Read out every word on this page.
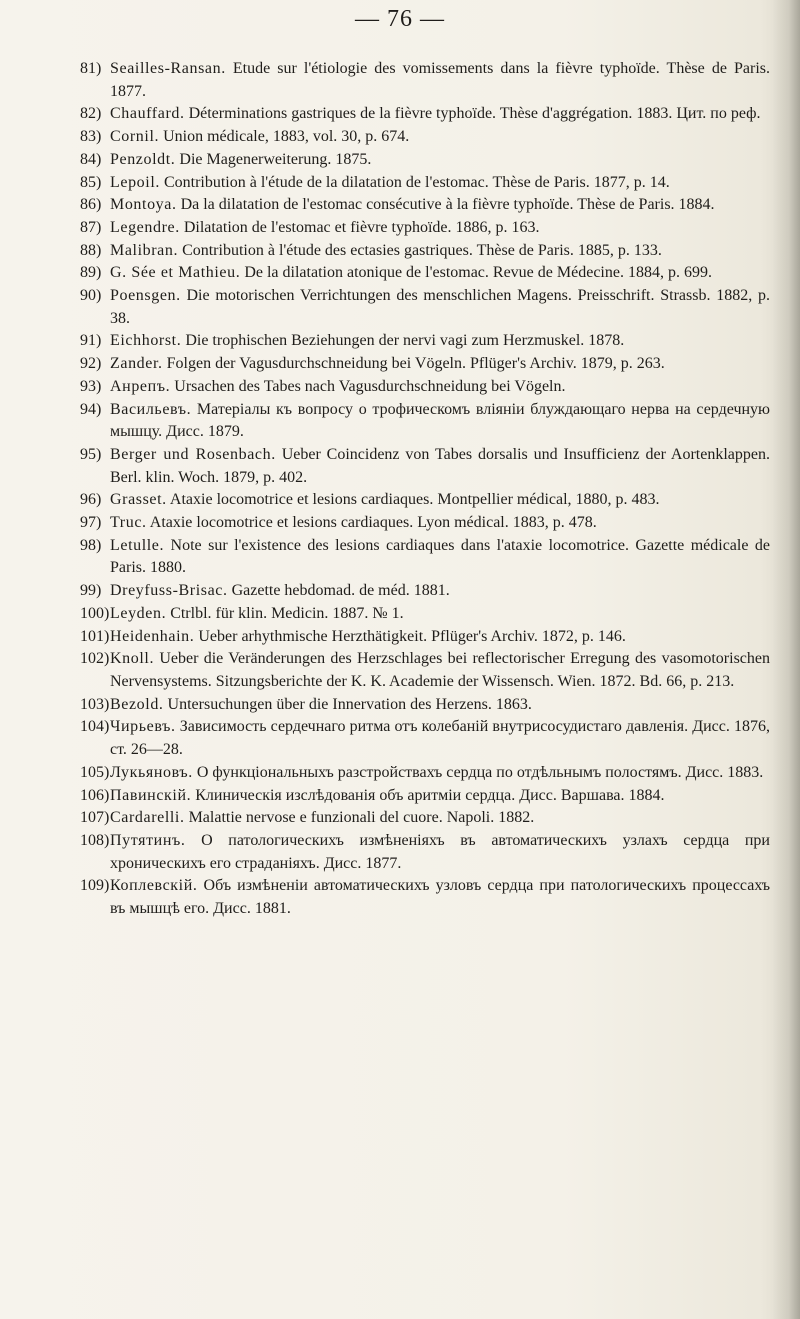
— 76 —
81) Seailles-Ransan. Etude sur l'étiologie des vomissements dans la fièvre typhoïde. Thèse de Paris. 1877.
82) Chauffard. Déterminations gastriques de la fièvre typhoïde. Thèse d'aggrégation. 1883. Цит. по реф.
83) Cornil. Union médicale, 1883, vol. 30, p. 674.
84) Penzoldt. Die Magenerweiterung. 1875.
85) Lepoil. Contribution à l'étude de la dilatation de l'estomac. Thèse de Paris. 1877, p. 14.
86) Montoya. Da la dilatation de l'estomac consécutive à la fièvre typhoïde. Thèse de Paris. 1884.
87) Legendre. Dilatation de l'estomac et fièvre typhoïde. 1886, p. 163.
88) Malibran. Contribution à l'étude des ectasies gastriques. Thèse de Paris. 1885, p. 133.
89) G. Sée et Mathieu. De la dilatation atonique de l'estomac. Revue de Médecine. 1884, p. 699.
90) Poensgen. Die motorischen Verrichtungen des menschlichen Magens. Preisschrift. Strassb. 1882, p. 38.
91) Eichhorst. Die trophischen Beziehungen der nervi vagi zum Herzmuskel. 1878.
92) Zander. Folgen der Vagusdurchschneidung bei Vögeln. Pflüger's Archiv. 1879, p. 263.
93) Анрепъ. Ursachen des Tabes nach Vagusdurchschneidung bei Vögeln.
94) Васильевъ. Матеріалы къ вопросу о трофическомъ вліяніи блуждающаго нерва на сердечную мышцу. Дисс. 1879.
95) Berger und Rosenbach. Ueber Coincidenz von Tabes dorsalis und Insufficienz der Aortenklappen. Berl. klin. Woch. 1879, p. 402.
96) Grasset. Ataxie locomotrice et lesions cardiaques. Montpellier médical, 1880, p. 483.
97) Truc. Ataxie locomotrice et lesions cardiaques. Lyon médical. 1883, p. 478.
98) Letulle. Note sur l'existence des lesions cardiaques dans l'ataxie locomotrice. Gazette médicale de Paris. 1880.
99) Dreyfuss-Brisac. Gazette hebdomad. de méd. 1881.
100) Leyden. Ctrlbl. für klin. Medicin. 1887. № 1.
101) Heidenhain. Ueber arhythmische Herzthätigkeit. Pflüger's Archiv. 1872, p. 146.
102) Knoll. Ueber die Veränderungen des Herzschlages bei reflectorischer Erregung des vasomotorischen Nervensystems. Sitzungsberichte der K. K. Academie der Wissensch. Wien. 1872. Bd. 66, p. 213.
103) Bezold. Untersuchungen über die Innervation des Herzens. 1863.
104) Чирьевъ. Зависимость сердечнаго ритма отъ колебаній внутрисосудистаго давленія. Дисс. 1876, ст. 26—28.
105) Лукьяновъ. О функціональныхъ разстройствахъ сердца по отдѣльнымъ полостямъ. Дисс. 1883.
106) Павинскій. Клиническія изслѣдованія объ аритміи сердца. Дисс. Варшава. 1884.
107) Cardarelli. Malattie nervose e funzionali del cuore. Napoli. 1882.
108) Путятинъ. О патологическихъ измѣненіяхъ въ автоматическихъ узлахъ сердца при хроническихъ его страданіяхъ. Дисс. 1877.
109) Коплевскій. Объ измѣненіи автоматическихъ узловъ сердца при патологическихъ процессахъ въ мышцѣ его. Дисс. 1881.
